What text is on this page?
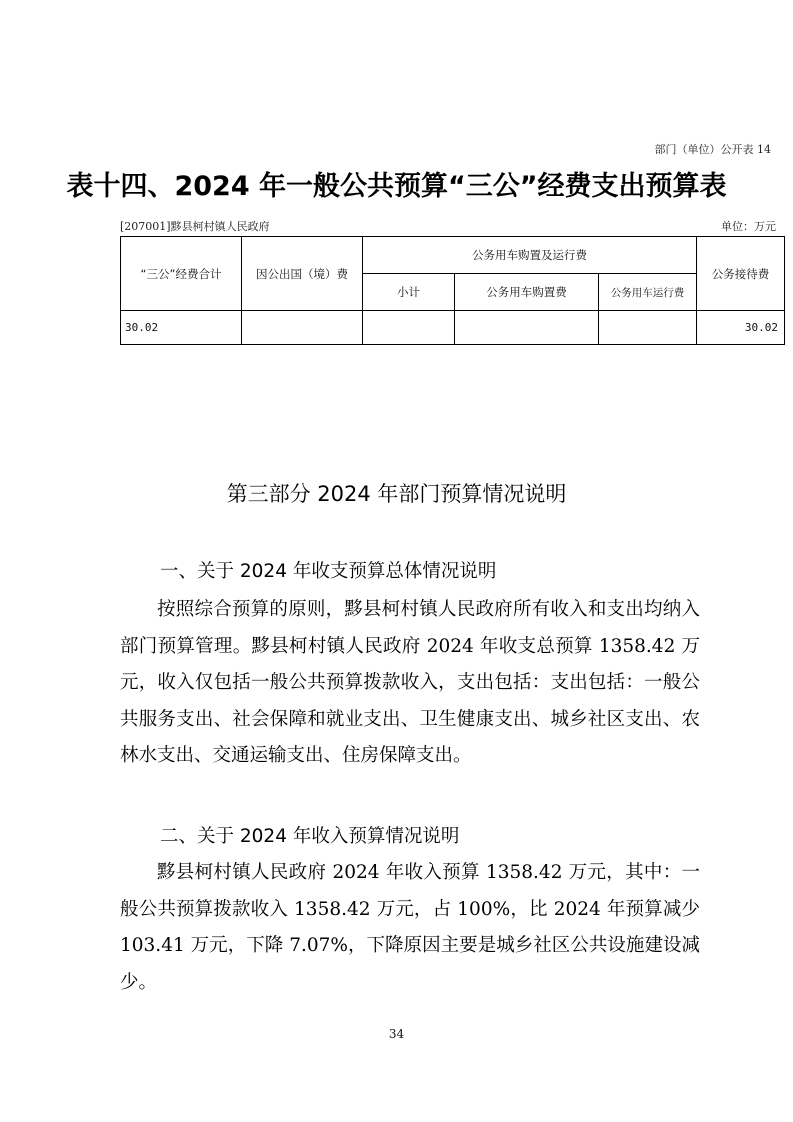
部门（单位）公开表 14
表十四、2024 年一般公共预算“三公”经费支出预算表
[207001]黟县柯村镇人民政府	单位：万元
“三公”经费合计	因公出国（境）费	公务用车购置及运行费			公务接待费
		小计	公务用车购置费	公务用车运行费	
30.02					30.02
第三部分 2024 年部门预算情况说明
一、关于 2024 年收支预算总体情况说明
按照综合预算的原则，黟县柯村镇人民政府所有收入和支出均纳入部门预算管理。黟县柯村镇人民政府 2024 年收支总预算 1358.42 万元，收入仅包括一般公共预算拨款收入，支出包括：支出包括：一般公共服务支出、社会保障和就业支出、卫生健康支出、城乡社区支出、农林水支出、交通运输支出、住房保障支出。
二、关于 2024 年收入预算情况说明
黟县柯村镇人民政府 2024 年收入预算 1358.42 万元，其中：一般公共预算拨款收入 1358.42 万元，占 100%，比 2024 年预算减少 103.41 万元，下降 7.07%，下降原因主要是城乡社区公共设施建设减少。
34
